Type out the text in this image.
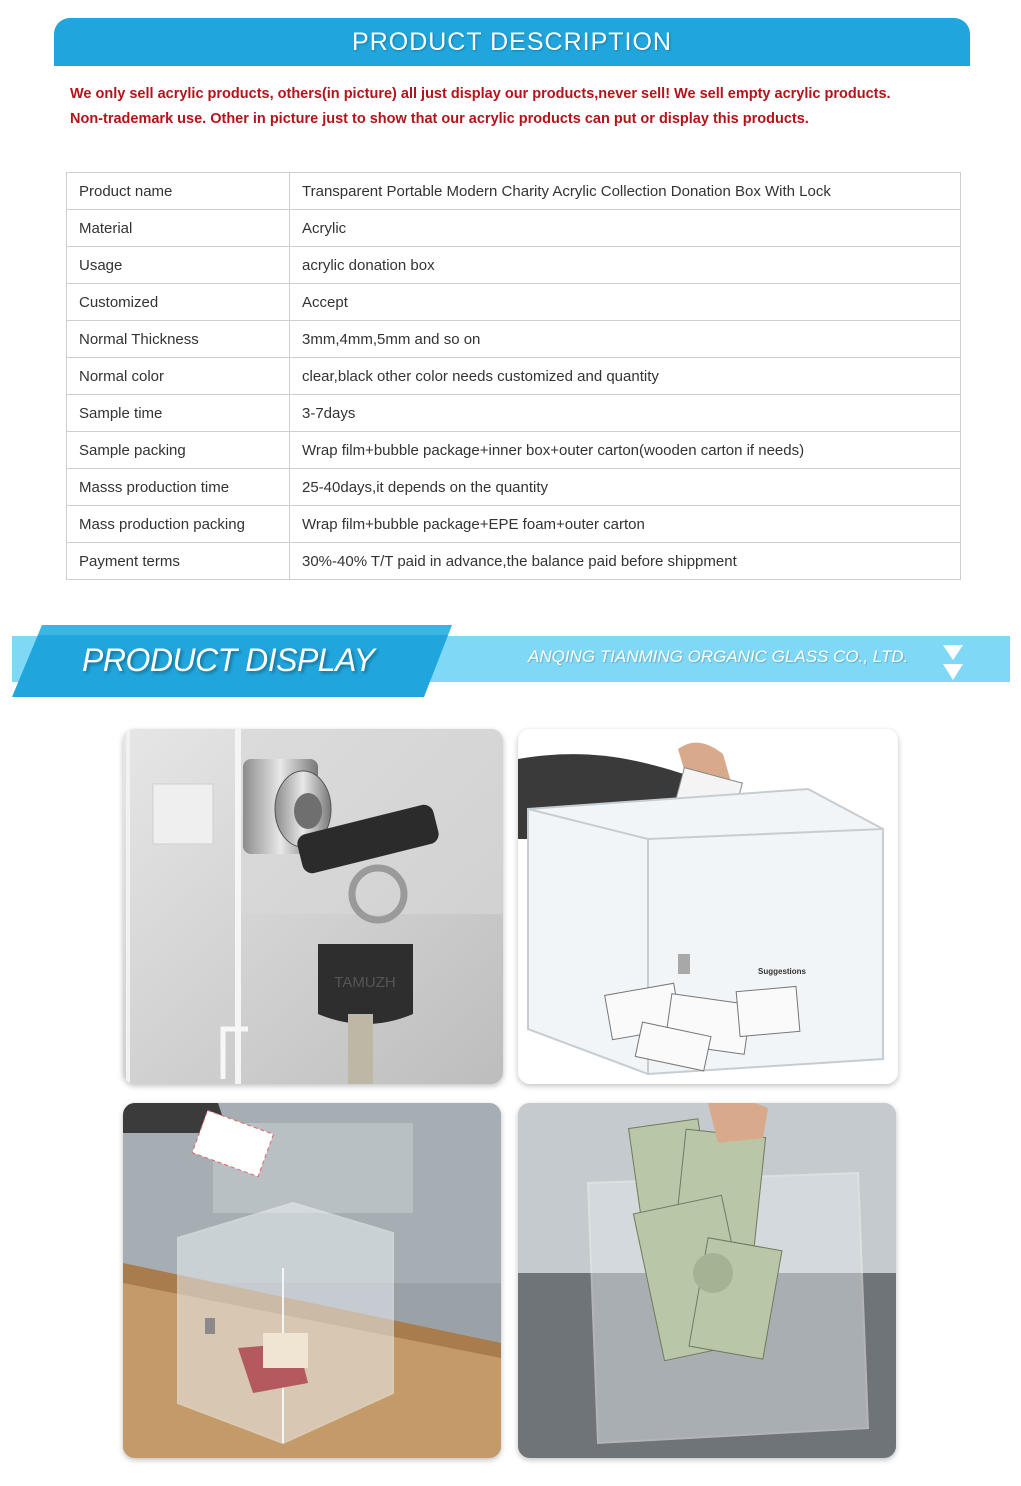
PRODUCT DESCRIPTION
We only sell acrylic products, others(in picture) all just display our products,never sell! We sell empty acrylic products.
Non-trademark use. Other in picture just to show that our acrylic products can put or display this products.
Product name	Transparent Portable Modern Charity Acrylic Collection Donation Box With Lock
Material	Acrylic
Usage	acrylic donation box
Customized	Accept
Normal Thickness	3mm,4mm,5mm and so on
Normal color	clear,black other color needs customized and quantity
Sample time	3-7days
Sample packing	Wrap film+bubble package+inner box+outer carton(wooden carton if needs)
Masss production time	25-40days,it depends on the quantity
Mass production packing	Wrap film+bubble package+EPE foam+outer carton
Payment terms	30%-40% T/T paid in advance,the balance paid before shippment
PRODUCT DISPLAY	ANQING TIANMING ORGANIC GLASS CO., LTD.
TAMUZH
Suggestions
